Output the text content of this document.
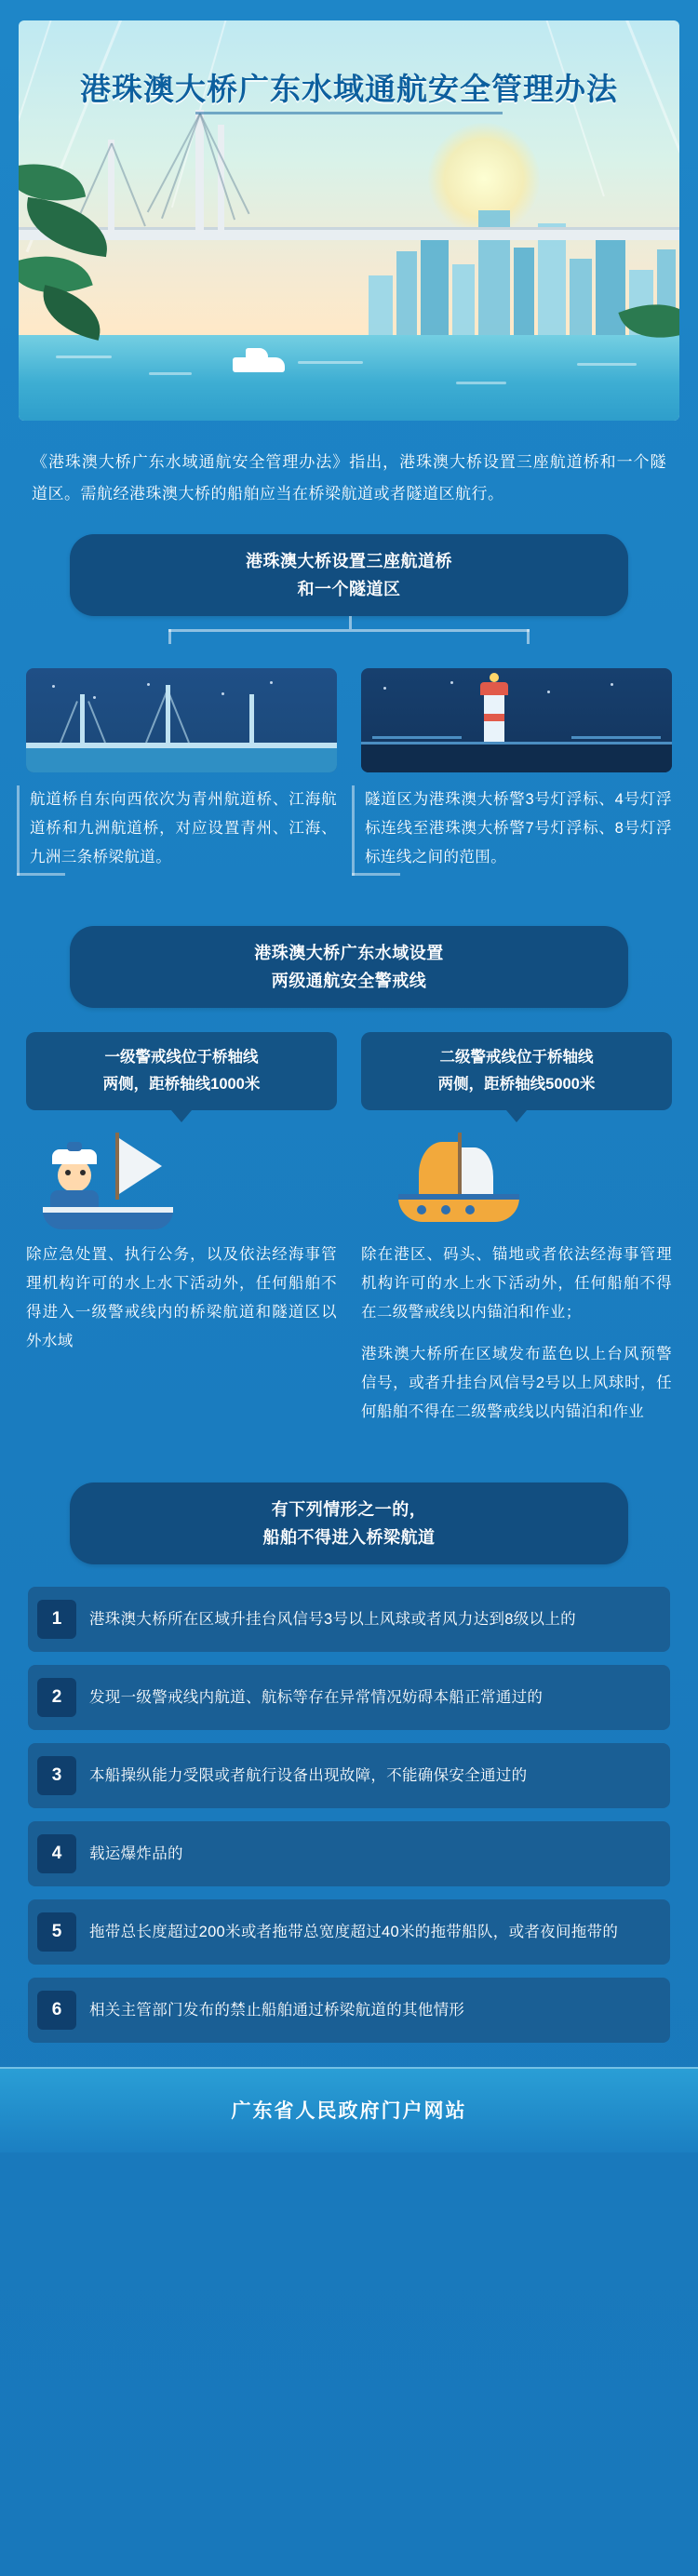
港珠澳大桥广东水域通航安全管理办法
《港珠澳大桥广东水域通航安全管理办法》指出，港珠澳大桥设置三座航道桥和一个隧道区。需航经港珠澳大桥的船舶应当在桥梁航道或者隧道区航行。
港珠澳大桥设置三座航道桥
和一个隧道区
航道桥自东向西依次为青州航道桥、江海航道桥和九洲航道桥，对应设置青州、江海、九洲三条桥梁航道。
隧道区为港珠澳大桥警3号灯浮标、4号灯浮标连线至港珠澳大桥警7号灯浮标、8号灯浮标连线之间的范围。
港珠澳大桥广东水域设置
两级通航安全警戒线
一级警戒线位于桥轴线
两侧，距桥轴线1000米
二级警戒线位于桥轴线
两侧，距桥轴线5000米

除应急处置、执行公务，以及依法经海事管理机构许可的水上水下活动外，任何船舶不得进入一级警戒线内的桥梁航道和隧道区以外水域

除在港区、码头、锚地或者依法经海事管理机构许可的水上水下活动外，任何船舶不得在二级警戒线以内锚泊和作业；

港珠澳大桥所在区域发布蓝色以上台风预警信号，或者升挂台风信号2号以上风球时，任何船舶不得在二级警戒线以内锚泊和作业

有下列情形之一的，
船舶不得进入桥梁航道
1	港珠澳大桥所在区域升挂台风信号3号以上风球或者风力达到8级以上的
2	发现一级警戒线内航道、航标等存在异常情况妨碍本船正常通过的
3	本船操纵能力受限或者航行设备出现故障，不能确保安全通过的
4	载运爆炸品的
5	拖带总长度超过200米或者拖带总宽度超过40米的拖带船队，或者夜间拖带的
6	相关主管部门发布的禁止船舶通过桥梁航道的其他情形
广东省人民政府门户网站
